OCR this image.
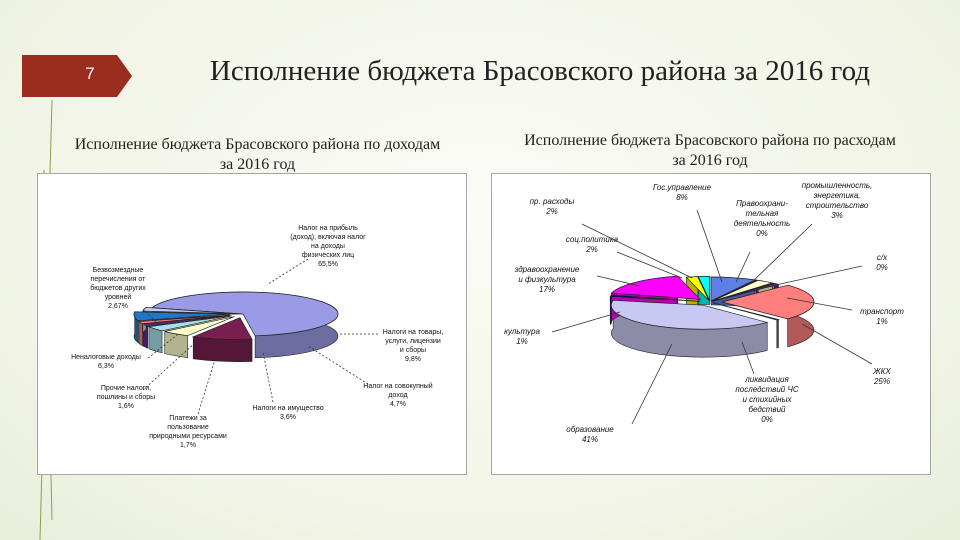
7	Исполнение бюджета Брасовского района за 2016 год
Исполнение бюджета Брасовского района по доходам за 2016 год
Исполнение бюджета Брасовского района по расходам за 2016 год
Налог на прибыль (доход), включая налог на доходы физических лиц 65,5%
Налоги на товары, услуги, лицензии и сборы 9,8%
Налог на совокупный доход 4,7%
Налоги на имущество 3,6%
Платежи за пользование природными ресурсами 1,7%
Прочие налоги, пошлины и сборы 1,6%
Неналоговые доходы 6,3%
Безвозмездные перечисления от бюджетов других уровней 2,67%
Гос.управление 8%
Правоохрани-тельная деятельность 0%
промышленность, энергетика, строительство 3%
с/х 0%
транспорт 1%
ЖКХ 25%
ликвидация последствий ЧС и стихийных бедствий 0%
образование 41%
культура 1%
здравоохранение и физкультура 17%
соц.политика 2%
пр. расходы 2%
